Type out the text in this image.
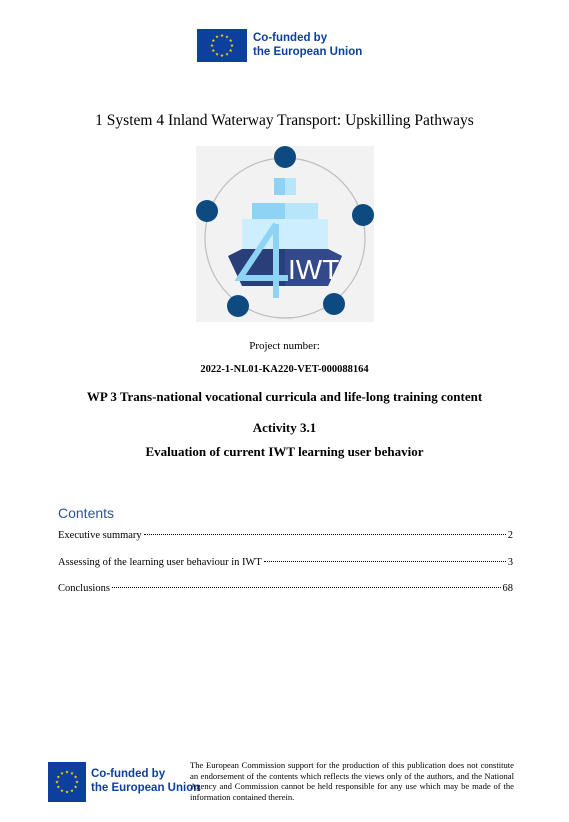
Co-funded by
the European Union
1 System 4 Inland Waterway Transport: Upskilling Pathways
IWT
Project number:
2022-1-NL01-KA220-VET-000088164
WP 3 Trans-national vocational curricula and life-long training content
Activity 3.1
Evaluation of current IWT learning user behavior
Contents
Executive summary	2
Assessing of the learning user behaviour in IWT	3
Conclusions	68
Co-funded by
the European Union
The European Commission support for the production of this publication does not constitute an endorsement of the contents which reflects the views only of the authors, and the National Agency and Commission cannot be held responsible for any use which may be made of the information contained therein.
